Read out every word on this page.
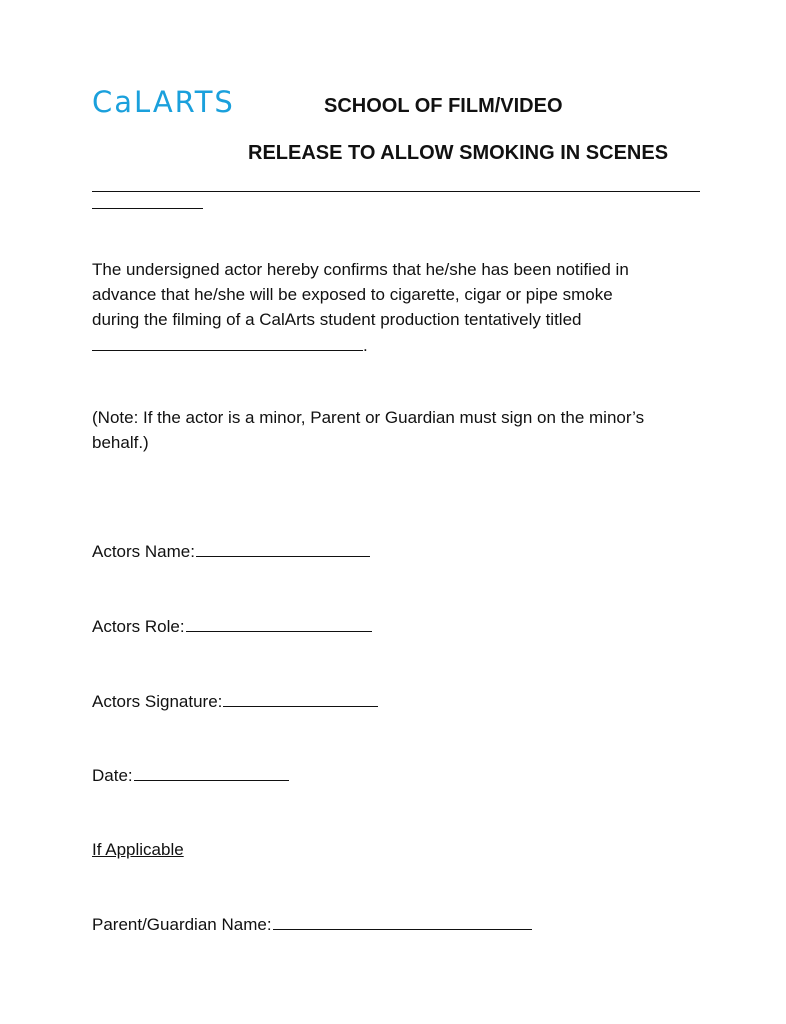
CaLARTS	SCHOOL OF FILM/VIDEO
RELEASE TO ALLOW SMOKING IN SCENES
The undersigned actor hereby confirms that he/she has been notified in
advance that he/she will be exposed to cigarette, cigar or pipe smoke
during the filming of a CalArts student production tentatively titled
.
(Note: If the actor is a minor, Parent or Guardian must sign on the minor’s
behalf.)
Actors Name:
Actors Role:
Actors Signature:
Date:
If Applicable
Parent/Guardian Name:
